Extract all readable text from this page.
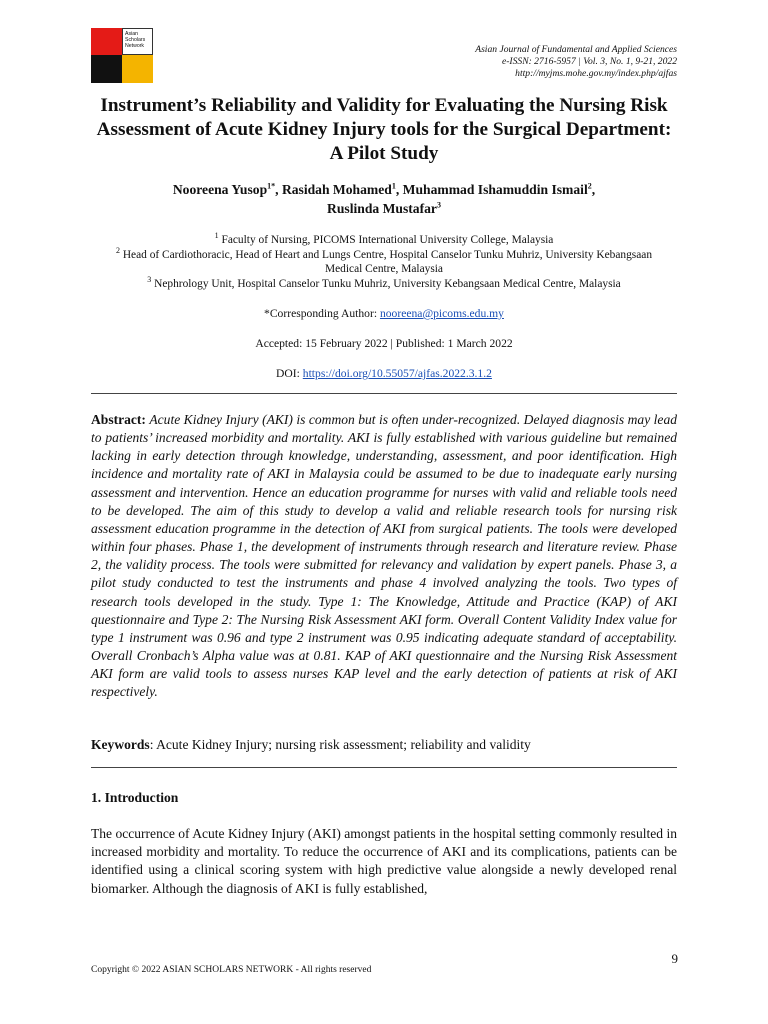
Asian
Scholars
Network	Asian Journal of Fundamental and Applied Sciences
e-ISSN: 2716-5957 | Vol. 3, No. 1, 9-21, 2022
http://myjms.mohe.gov.my/index.php/ajfas
Instrument’s Reliability and Validity for Evaluating the Nursing Risk Assessment of Acute Kidney Injury tools for the Surgical Department: A Pilot Study
Nooreena Yusop$^{1*}$, Rasidah Mohamed$^1$, Muhammad Ishamuddin Ismail$^2$,
Ruslinda Mustafar$^3$
$^1$ Faculty of Nursing, PICOMS International University College, Malaysia
$^2$ Head of Cardiothoracic, Head of Heart and Lungs Centre, Hospital Canselor Tunku Muhriz, University Kebangsaan Medical Centre, Malaysia
$^3$ Nephrology Unit, Hospital Canselor Tunku Muhriz, University Kebangsaan Medical Centre, Malaysia
*Corresponding Author: nooreena@picoms.edu.my
Accepted: 15 February 2022 | Published: 1 March 2022
DOI: https://doi.org/10.55057/ajfas.2022.3.1.2
Abstract: Acute Kidney Injury (AKI) is common but is often under-recognized. Delayed diagnosis may lead to patients’ increased morbidity and mortality. AKI is fully established with various guideline but remained lacking in early detection through knowledge, understanding, assessment, and poor identification. High incidence and mortality rate of AKI in Malaysia could be assumed to be due to inadequate early nursing assessment and intervention. Hence an education programme for nurses with valid and reliable tools need to be developed. The aim of this study to develop a valid and reliable research tools for nursing risk assessment education programme in the detection of AKI from surgical patients. The tools were developed within four phases. Phase 1, the development of instruments through research and literature review. Phase 2, the validity process. The tools were submitted for relevancy and validation by expert panels. Phase 3, a pilot study conducted to test the instruments and phase 4 involved analyzing the tools. Two types of research tools developed in the study. Type 1: The Knowledge, Attitude and Practice (KAP) of AKI questionnaire and Type 2: The Nursing Risk Assessment AKI form. Overall Content Validity Index value for type 1 instrument was 0.96 and type 2 instrument was 0.95 indicating adequate standard of acceptability. Overall Cronbach’s Alpha value was at 0.81. KAP of AKI questionnaire and the Nursing Risk Assessment AKI form are valid tools to assess nurses KAP level and the early detection of patients at risk of AKI respectively.
Keywords: Acute Kidney Injury; nursing risk assessment; reliability and validity
1. Introduction
The occurrence of Acute Kidney Injury (AKI) amongst patients in the hospital setting commonly resulted in increased morbidity and mortality. To reduce the occurrence of AKI and its complications, patients can be identified using a clinical scoring system with high predictive value alongside a newly developed renal biomarker. Although the diagnosis of AKI is fully established,
9
Copyright © 2022 ASIAN SCHOLARS NETWORK - All rights reserved
